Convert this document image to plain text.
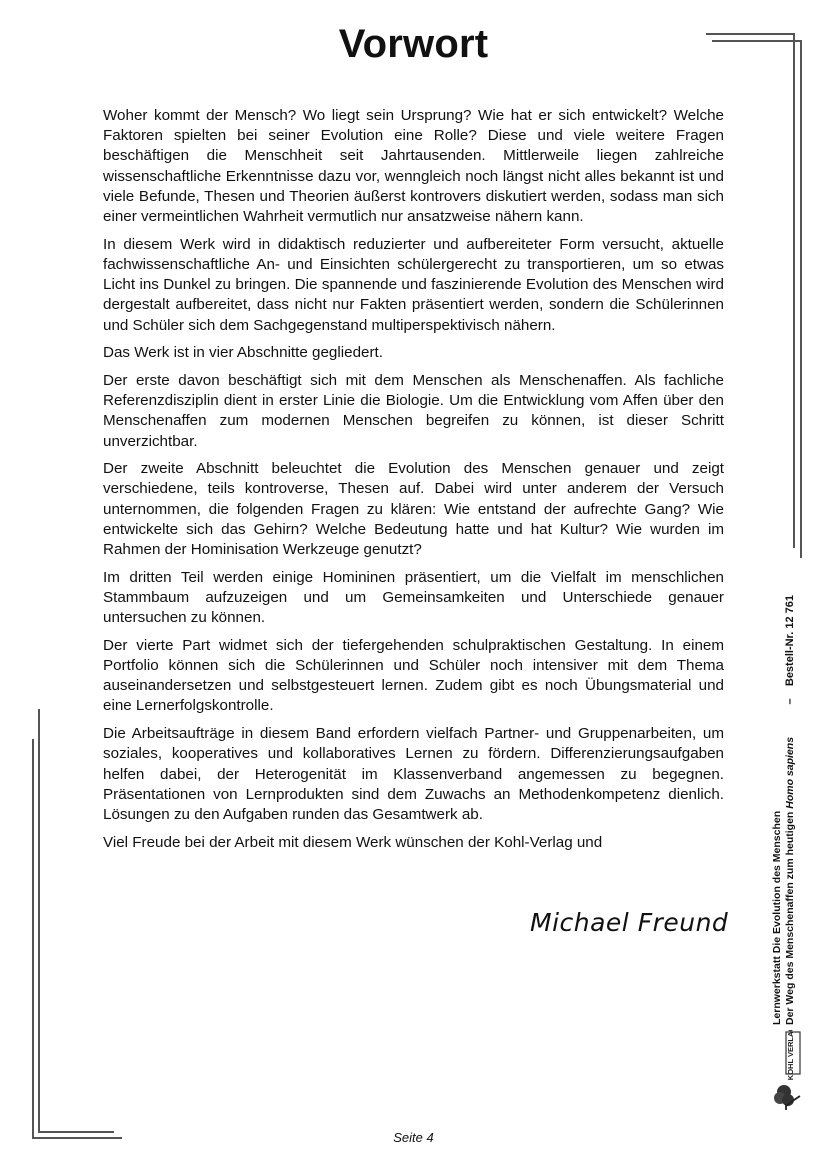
Vorwort

Woher kommt der Mensch? Wo liegt sein Ursprung? Wie hat er sich entwickelt? Welche Faktoren spielten bei seiner Evolution eine Rolle? Diese und viele weitere Fragen beschäftigen die Menschheit seit Jahrtausenden. Mittlerweile liegen zahlreiche wissenschaftliche Erkenntnisse dazu vor, wenngleich noch längst nicht alles bekannt ist und viele Befunde, Thesen und Theorien äußerst kontrovers diskutiert werden, sodass man sich einer vermeintlichen Wahrheit vermutlich nur ansatzweise nähern kann.

In diesem Werk wird in didaktisch reduzierter und aufbereiteter Form versucht, aktuelle fachwissenschaftliche An- und Einsichten schülergerecht zu transportieren, um so etwas Licht ins Dunkel zu bringen. Die spannende und faszinierende Evolution des Menschen wird dergestalt aufbereitet, dass nicht nur Fakten präsentiert werden, sondern die Schülerinnen und Schüler sich dem Sachgegenstand multiperspektivisch nähern.

Das Werk ist in vier Abschnitte gegliedert.

Der erste davon beschäftigt sich mit dem Menschen als Menschenaffen. Als fachliche Referenzdisziplin dient in erster Linie die Biologie. Um die Entwicklung vom Affen über den Menschenaffen zum modernen Menschen begreifen zu können, ist dieser Schritt unverzichtbar.

Der zweite Abschnitt beleuchtet die Evolution des Menschen genauer und zeigt verschiedene, teils kontroverse, Thesen auf. Dabei wird unter anderem der Versuch unternommen, die folgenden Fragen zu klären: Wie entstand der aufrechte Gang? Wie entwickelte sich das Gehirn? Welche Bedeutung hatte und hat Kultur? Wie wurden im Rahmen der Hominisation Werkzeuge genutzt?

Im dritten Teil werden einige Homininen präsentiert, um die Vielfalt im menschlichen Stammbaum aufzuzeigen und um Gemeinsamkeiten und Unterschiede genauer untersuchen zu können.

Der vierte Part widmet sich der tiefergehenden schulpraktischen Gestaltung. In einem Portfolio können sich die Schülerinnen und Schüler noch intensiver mit dem Thema auseinandersetzen und selbstgesteuert lernen. Zudem gibt es noch Übungsmaterial und eine Lernerfolgskontrolle.

Die Arbeitsaufträge in diesem Band erfordern vielfach Partner- und Gruppenarbeiten, um soziales, kooperatives und kollaboratives Lernen zu fördern. Differenzierungsaufgaben helfen dabei, der Heterogenität im Klassenverband angemessen zu begegnen. Präsentationen von Lernprodukten sind dem Zuwachs an Methodenkompetenz dienlich. Lösungen zu den Aufgaben runden das Gesamtwerk ab.

Viel Freude bei der Arbeit mit diesem Werk wünschen der Kohl-Verlag und

Michael Freund
Seite 4
Lernwerkstatt Die Evolution des Menschen Der Weg des Menschenaffen zum heutigen Homo sapiens
–    Bestell-Nr. 12 761
KOHL VERLAG
